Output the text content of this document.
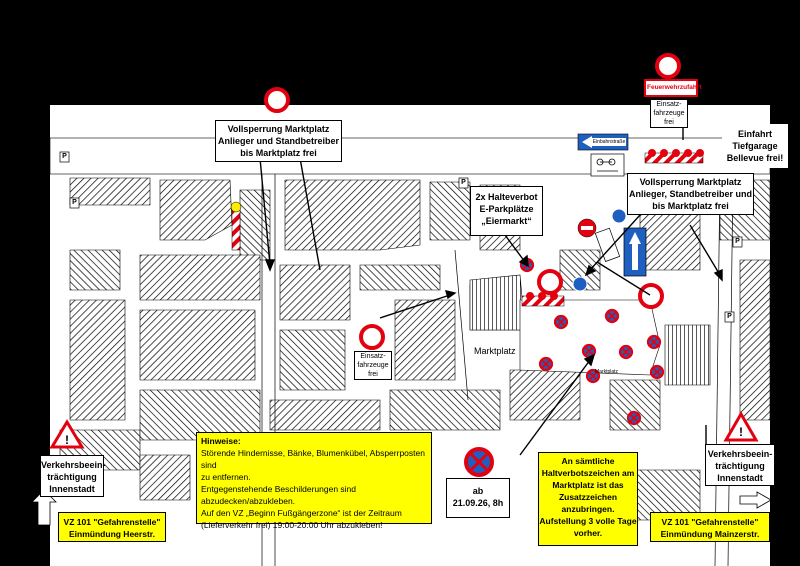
!
!
Marktplatz
Marktplatz
Vollsperrung Marktplatz
Anlieger und Standbetreiber
bis Marktplatz frei
2x Halteverbot
E-Parkplätze
„Eiermarkt“
Vollsperrung Marktplatz
Anlieger, Standbetreiber und
bis Marktplatz frei
Einfahrt
Tiefgarage
Bellevue frei!
Einsatz-
fahrzeuge
frei
Einsatz-
fahrzeuge
frei
Feuerwehrzufahrt
Einbahnstraße
Verkehrsbeein-
trächtigung
Innenstadt
Verkehrsbeein-
trächtigung
Innenstadt
VZ 101 "Gefahrenstelle"
Einmündung Heerstr.
VZ 101 "Gefahrenstelle"
Einmündung Mainzerstr.
Hinweise:
Störende Hindernisse, Bänke, Blumenkübel, Absperrposten sind
zu entfernen.
Entgegenstehende Beschilderungen sind
abzudecken/abzukleben.
Auf den VZ „Beginn Fußgängerzone“ ist der Zeitraum
(Lieferverkehr frei) 19:00-20:00 Uhr abzukleben!
ab
21.09.26, 8h
An sämtliche
Haltverbotszeichen am
Marktplatz ist das
Zusatzzeichen
anzubringen.
Aufstellung 3 volle Tage
vorher.
P
P
P
P
P
